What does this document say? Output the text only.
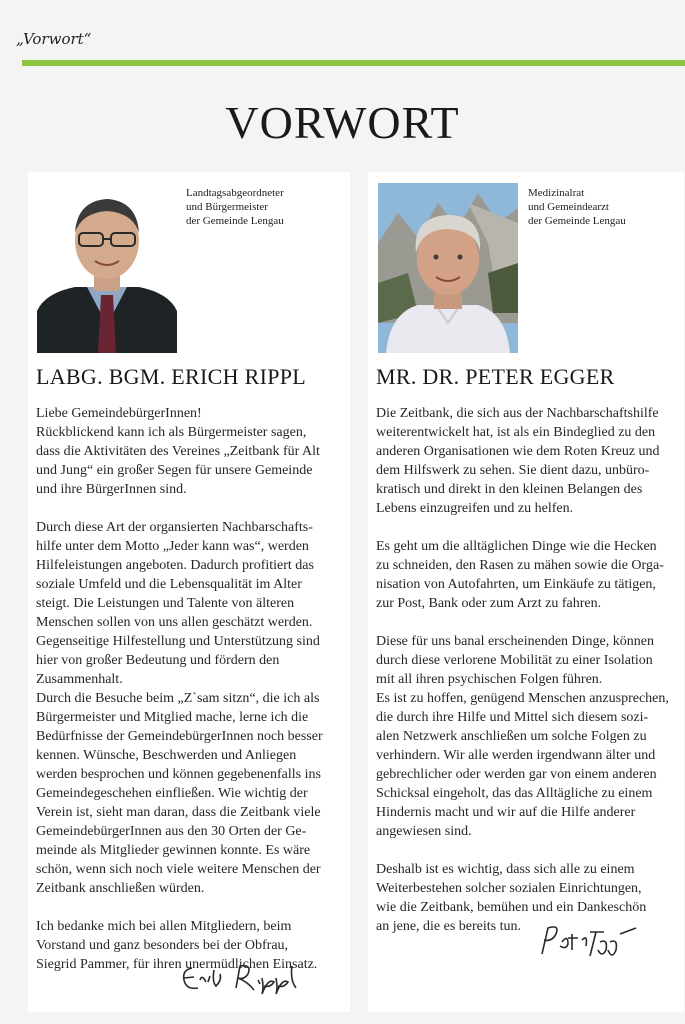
„Vorwort“
VORWORT
Landtagsabgeordneter
und Bürgermeister
der Gemeinde Lengau
LABG. BGM. ERICH RIPPL

Liebe GemeindebürgerInnen!
Rückblickend kann ich als Bürgermeister sagen,
dass die Aktivitäten des Vereines „Zeitbank für Alt
und Jung“ ein großer Segen für unsere Gemeinde
und ihre BürgerInnen sind.

Durch diese Art der organsierten Nachbarschafts-
hilfe unter dem Motto „Jeder kann was“, werden
Hilfeleistungen angeboten. Dadurch profitiert das
soziale Umfeld und die Lebensqualität im Alter
steigt. Die Leistungen und Talente von älteren
Menschen sollen von uns allen geschätzt werden.
Gegenseitige Hilfestellung und Unterstützung sind
hier von großer Bedeutung und fördern den
Zusammenhalt.
Durch die Besuche beim „Z`sam sitzn“, die ich als
Bürgermeister und Mitglied mache, lerne ich die
Bedürfnisse der GemeindebürgerInnen noch besser
kennen. Wünsche, Beschwerden und Anliegen
werden besprochen und können gegebenenfalls ins
Gemeindegeschehen einfließen. Wie wichtig der
Verein ist, sieht man daran, dass die Zeitbank viele
GemeindebürgerInnen aus den 30 Orten der Ge-
meinde als Mitglieder gewinnen konnte. Es wäre
schön, wenn sich noch viele weitere Menschen der
Zeitbank anschließen würden.

Ich bedanke mich bei allen Mitgliedern, beim
Vorstand und ganz besonders bei der Obfrau,
Siegrid Pammer, für ihren unermüdlichen Einsatz.

Medizinalrat
und Gemeindearzt
der Gemeinde Lengau
MR. DR. PETER EGGER

Die Zeitbank, die sich aus der Nachbarschaftshilfe
weiterentwickelt hat, ist als ein Bindeglied zu den
anderen Organisationen wie dem Roten Kreuz und
dem Hilfswerk zu sehen. Sie dient dazu, unbüro-
kratisch und direkt in den kleinen Belangen des
Lebens einzugreifen und zu helfen.

Es geht um die alltäglichen Dinge wie die Hecken
zu schneiden, den Rasen zu mähen sowie die Orga-
nisation von Autofahrten, um Einkäufe zu tätigen,
zur Post, Bank oder zum Arzt zu fahren.

Diese für uns banal erscheinenden Dinge, können
durch diese verlorene Mobilität zu einer Isolation
mit all ihren psychischen Folgen führen.
Es ist zu hoffen, genügend Menschen anzusprechen,
die durch ihre Hilfe und Mittel sich diesem sozi-
alen Netzwerk anschließen um solche Folgen zu
verhindern. Wir alle werden irgendwann älter und
gebrechlicher oder werden gar von einem anderen
Schicksal eingeholt, das das Alltägliche zu einem
Hindernis macht und wir auf die Hilfe anderer
angewiesen sind.

Deshalb ist es wichtig, dass sich alle zu einem
Weiterbestehen solcher sozialen Einrichtungen,
wie die Zeitbank, bemühen und ein Dankeschön
an jene, die es bereits tun.
